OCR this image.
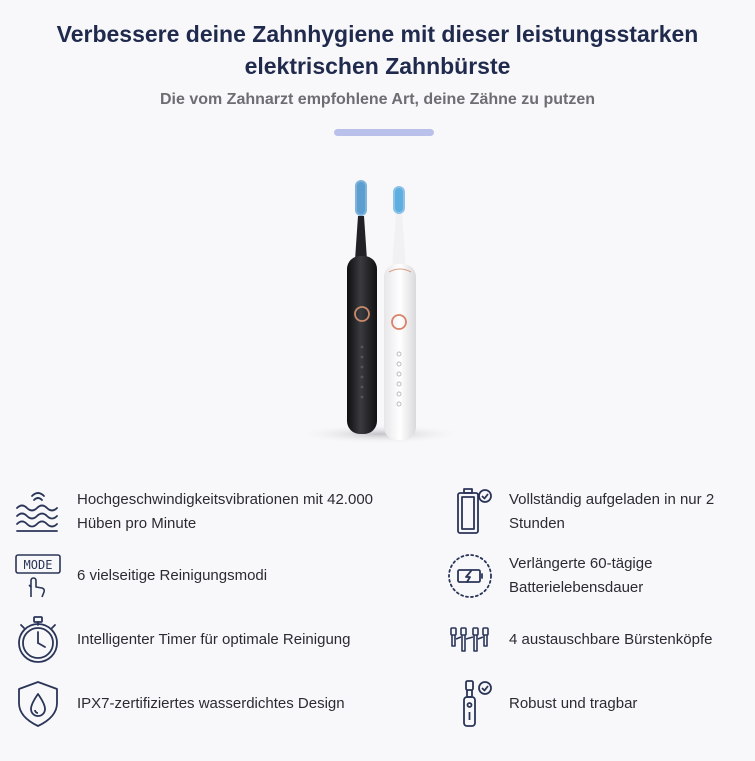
Verbessere deine Zahnhygiene mit dieser leistungsstarken
elektrischen Zahnbürste
Die vom Zahnarzt empfohlene Art, deine Zähne zu putzen
Hochgeschwindigkeitsvibrationen mit 42.000 Hüben pro Minute
MODE
6 vielseitige Reinigungsmodi
Intelligenter Timer für optimale Reinigung
IPX7-zertifiziertes wasserdichtes Design
Vollständig aufgeladen in nur 2 Stunden
Verlängerte 60-tägige Batterielebensdauer
4 austauschbare Bürstenköpfe
Robust und tragbar
